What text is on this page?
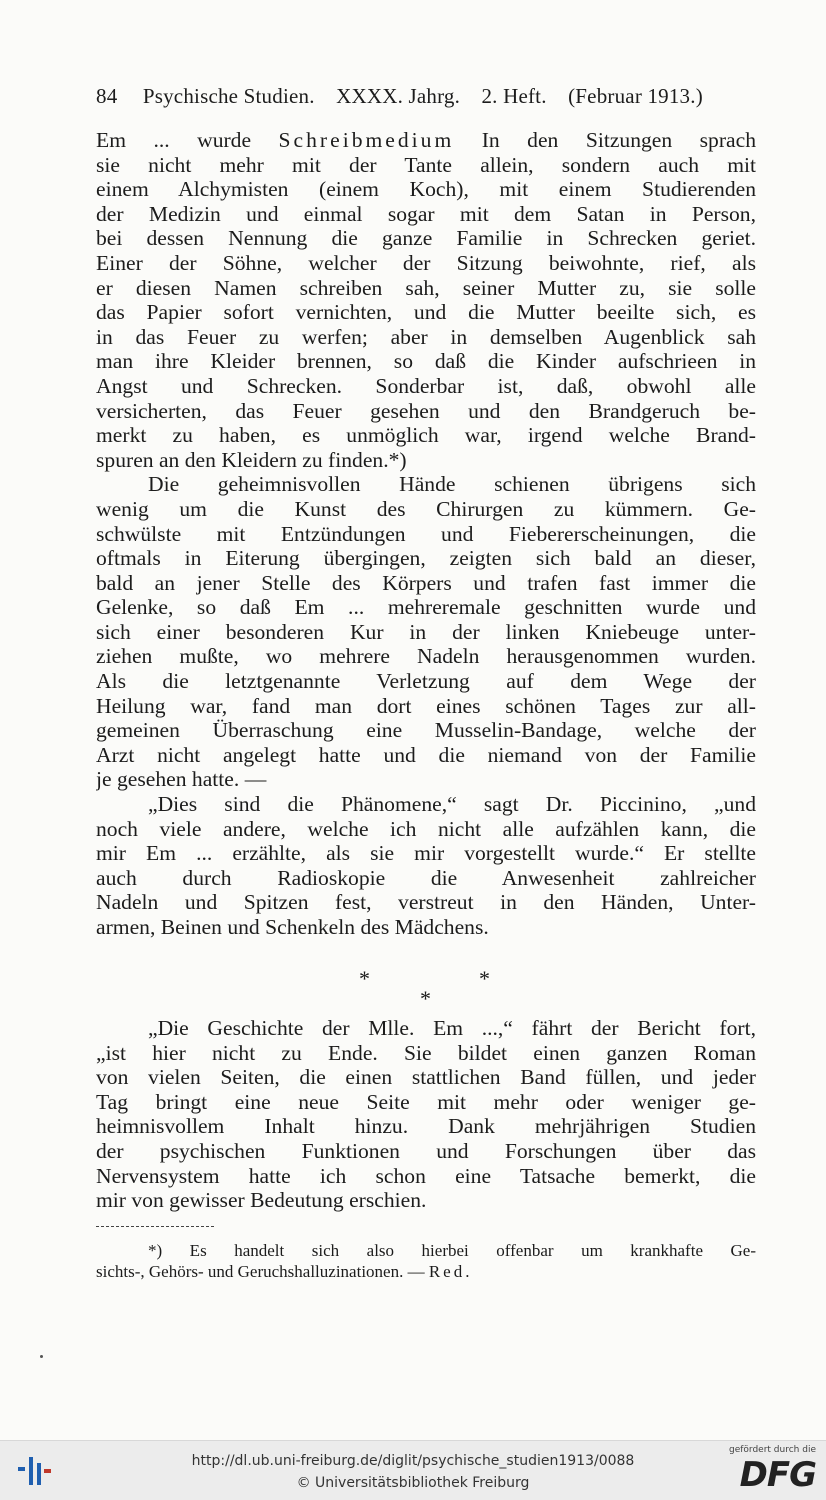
84 Psychische Studien. XXXX. Jahrg. 2. Heft. (Februar 1913.)
Em ... wurde Schreibmedium In den Sitzungen sprach
sie nicht mehr mit der Tante allein, sondern auch mit
einem Alchymisten (einem Koch), mit einem Studierenden
der Medizin und einmal sogar mit dem Satan in Person,
bei dessen Nennung die ganze Familie in Schrecken geriet.
Einer der Söhne, welcher der Sitzung beiwohnte, rief, als
er diesen Namen schreiben sah, seiner Mutter zu, sie solle
das Papier sofort vernichten, und die Mutter beeilte sich, es
in das Feuer zu werfen; aber in demselben Augenblick sah
man ihre Kleider brennen, so daß die Kinder aufschrieen in
Angst und Schrecken. Sonderbar ist, daß, obwohl alle
versicherten, das Feuer gesehen und den Brandgeruch be-
merkt zu haben, es unmöglich war, irgend welche Brand-
spuren an den Kleidern zu finden.*)
Die geheimnisvollen Hände schienen übrigens sich
wenig um die Kunst des Chirurgen zu kümmern. Ge-
schwülste mit Entzündungen und Fiebererscheinungen, die
oftmals in Eiterung übergingen, zeigten sich bald an dieser,
bald an jener Stelle des Körpers und trafen fast immer die
Gelenke, so daß Em ... mehreremale geschnitten wurde und
sich einer besonderen Kur in der linken Kniebeuge unter-
ziehen mußte, wo mehrere Nadeln herausgenommen wurden.
Als die letztgenannte Verletzung auf dem Wege der
Heilung war, fand man dort eines schönen Tages zur all-
gemeinen Überraschung eine Musselin-Bandage, welche der
Arzt nicht angelegt hatte und die niemand von der Familie
je gesehen hatte. —
„Dies sind die Phänomene,“ sagt Dr. Piccinino, „und
noch viele andere, welche ich nicht alle aufzählen kann, die
mir Em ... erzählte, als sie mir vorgestellt wurde.“ Er stellte
auch durch Radioskopie die Anwesenheit zahlreicher
Nadeln und Spitzen fest, verstreut in den Händen, Unter-
armen, Beinen und Schenkeln des Mädchens.
*	*
*
„Die Geschichte der Mlle. Em ...,“ fährt der Bericht fort,
„ist hier nicht zu Ende. Sie bildet einen ganzen Roman
von vielen Seiten, die einen stattlichen Band füllen, und jeder
Tag bringt eine neue Seite mit mehr oder weniger ge-
heimnisvollem Inhalt hinzu. Dank mehrjährigen Studien
der psychischen Funktionen und Forschungen über das
Nervensystem hatte ich schon eine Tatsache bemerkt, die
mir von gewisser Bedeutung erschien.
*) Es handelt sich also hierbei offenbar um krankhafte Ge-
sichts-, Gehörs- und Geruchshalluzinationen. — Red.
http://dl.ub.uni-freiburg.de/diglit/psychische_studien1913/0088
© Universitätsbibliothek Freiburg
gefördert durch die
DFG
